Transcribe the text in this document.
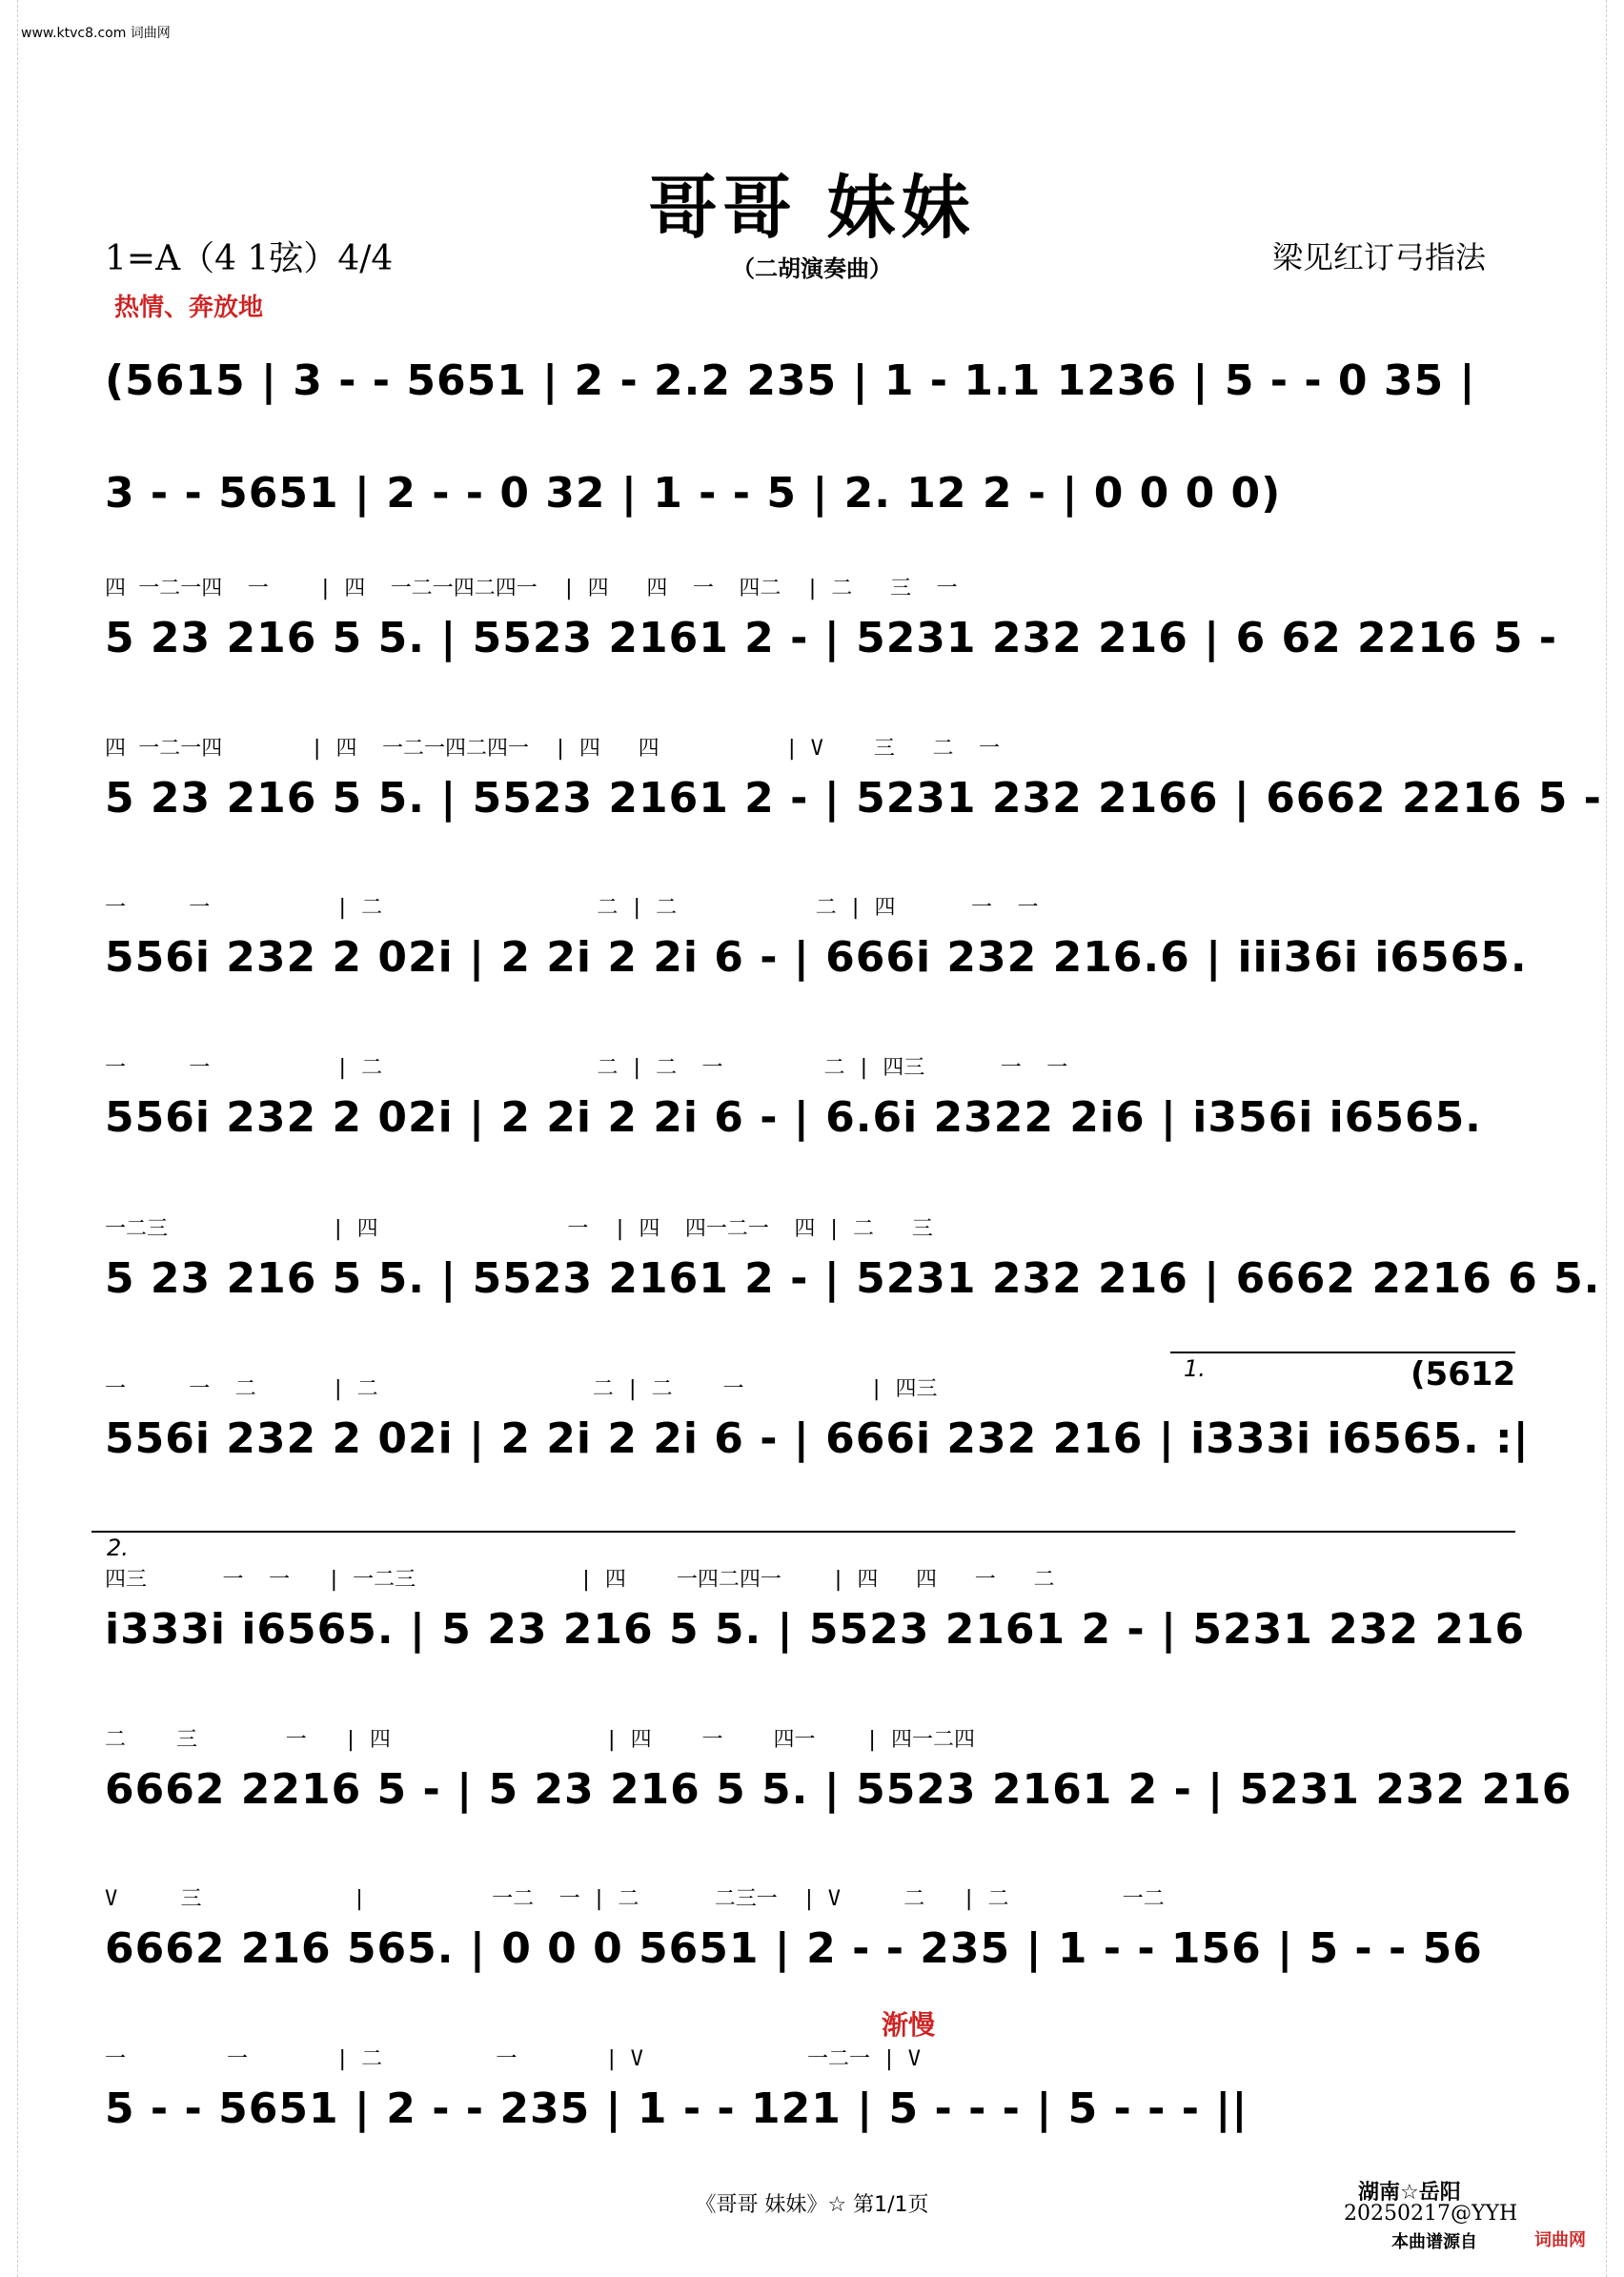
www.ktvc8.com 词曲网
哥哥 妹妹
（二胡演奏曲）
1=A（4 1弦）4/4	梁见红订弓指法
热情、奔放地
(5615 | 3 - - 5651 | 2 - 2.2 235 | 1 - 1.1 1236 | 5 - - 0 35 |
3 - - 5651 | 2 - - 0 32 | 1 - - 5 | 2. 12 2 - | 0 0 0 0)
四 一二一四  一    | 四  一二一四二四一  | 四   四  一  四二  | 二   三  一
5 23 216 5 5. | 5523 2161 2 - | 5231 232 216 | 6 62 2216 5 -
四 一二一四       | 四  一二一四二四一  | 四   四          | V    三   二  一
5 23 216 5 5. | 5523 2161 2 - | 5231 232 2166 | 6662 2216 5 -
一     一          | 二                 二 | 二           二 | 四      一  一
556i 232 2 02i | 2 2i 2 2i 6 - | 666i 232 216.6 | iii36i i6565.
一     一          | 二                 二 | 二  一        二 | 四三      一  一
556i 232 2 02i | 2 2i 2 2i 6 - | 6.6i 2322 2i6 | i356i i6565.
一二三             | 四               一  | 四  四一二一  四 | 二   三
5 23 216 5 5. | 5523 2161 2 - | 5231 232 216 | 6662 2216 6 5.
1.	(5612
一     一  二      | 二                 二 | 二    一          | 四三
556i 232 2 02i | 2 2i 2 2i 6 - | 666i 232 216 | i333i i6565. :|
2.
四三      一  一   | 一二三             | 四    一四二四一    | 四   四   一   二
i333i i6565. | 5 23 216 5 5. | 5523 2161 2 - | 5231 232 216
二    三       一   | 四                 | 四    一    四一    | 四一二四
6662 2216 5 - | 5 23 216 5 5. | 5523 2161 2 - | 5231 232 216
V     三            |          一二  一 | 二      二三一  | V     二   | 二         一二
6662 216 565. | 0 0 0 5651 | 2 - - 235 | 1 - - 156 | 5 - - 56
渐慢
一        一       | 二         一       | V             一二一 | V
5 - - 5651 | 2 - - 235 | 1 - - 121 | 5 - - - | 5 - - - ||
《哥哥 妹妹》☆ 第1/1页
湖南☆岳阳
20250217@YYH
本曲谱源自	词曲网
